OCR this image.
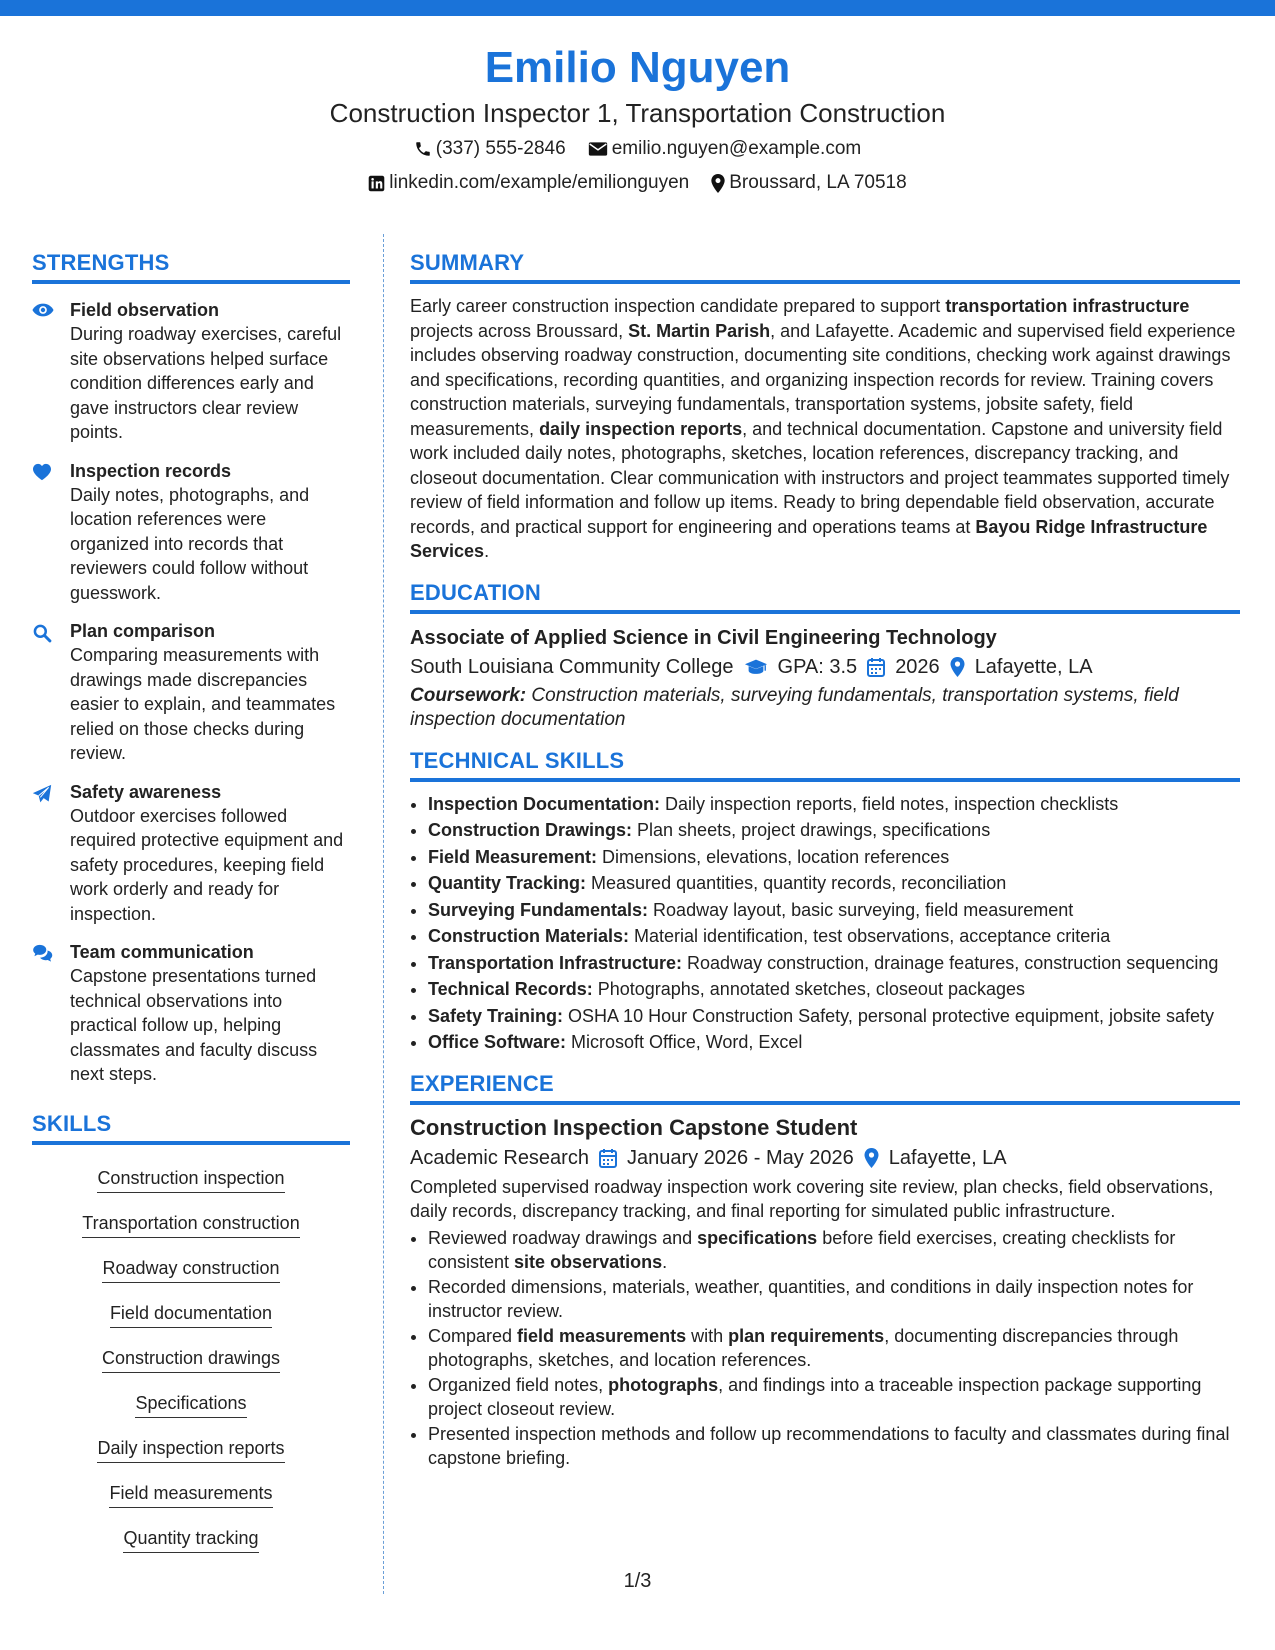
Emilio Nguyen
Construction Inspector 1, Transportation Construction
(337) 555-2846 emilio.nguyen@example.com
linkedin.com/example/emilionguyen Broussard, LA 70518
STRENGTHS
Field observation
During roadway exercises, careful site observations helped surface condition differences early and gave instructors clear review points.
Inspection records
Daily notes, photographs, and location references were organized into records that reviewers could follow without guesswork.
Plan comparison
Comparing measurements with drawings made discrepancies easier to explain, and teammates relied on those checks during review.
Safety awareness
Outdoor exercises followed required protective equipment and safety procedures, keeping field work orderly and ready for inspection.
Team communication
Capstone presentations turned technical observations into practical follow up, helping classmates and faculty discuss next steps.
SKILLS
Construction inspection
Transportation construction
Roadway construction
Field documentation
Construction drawings
Specifications
Daily inspection reports
Field measurements
Quantity tracking
SUMMARY
Early career construction inspection candidate prepared to support transportation infrastructure projects across Broussard, St. Martin Parish, and Lafayette. Academic and supervised field experience includes observing roadway construction, documenting site conditions, checking work against drawings and specifications, recording quantities, and organizing inspection records for review. Training covers construction materials, surveying fundamentals, transportation systems, jobsite safety, field measurements, daily inspection reports, and technical documentation. Capstone and university field work included daily notes, photographs, sketches, location references, discrepancy tracking, and closeout documentation. Clear communication with instructors and project teammates supported timely review of field information and follow up items. Ready to bring dependable field observation, accurate records, and practical support for engineering and operations teams at Bayou Ridge Infrastructure Services.
EDUCATION
Associate of Applied Science in Civil Engineering Technology
South Louisiana Community College GPA: 3.5 2026 Lafayette, LA
Coursework: Construction materials, surveying fundamentals, transportation systems, field inspection documentation
TECHNICAL SKILLS
• Inspection Documentation: Daily inspection reports, field notes, inspection checklists
• Construction Drawings: Plan sheets, project drawings, specifications
• Field Measurement: Dimensions, elevations, location references
• Quantity Tracking: Measured quantities, quantity records, reconciliation
• Surveying Fundamentals: Roadway layout, basic surveying, field measurement
• Construction Materials: Material identification, test observations, acceptance criteria
• Transportation Infrastructure: Roadway construction, drainage features, construction sequencing
• Technical Records: Photographs, annotated sketches, closeout packages
• Safety Training: OSHA 10 Hour Construction Safety, personal protective equipment, jobsite safety
• Office Software: Microsoft Office, Word, Excel
EXPERIENCE
Construction Inspection Capstone Student
Academic Research January 2026 - May 2026 Lafayette, LA
Completed supervised roadway inspection work covering site review, plan checks, field observations, daily records, discrepancy tracking, and final reporting for simulated public infrastructure.
• Reviewed roadway drawings and specifications before field exercises, creating checklists for consistent site observations.
• Recorded dimensions, materials, weather, quantities, and conditions in daily inspection notes for instructor review.
• Compared field measurements with plan requirements, documenting discrepancies through photographs, sketches, and location references.
• Organized field notes, photographs, and findings into a traceable inspection package supporting project closeout review.
• Presented inspection methods and follow up recommendations to faculty and classmates during final capstone briefing.
1/3
